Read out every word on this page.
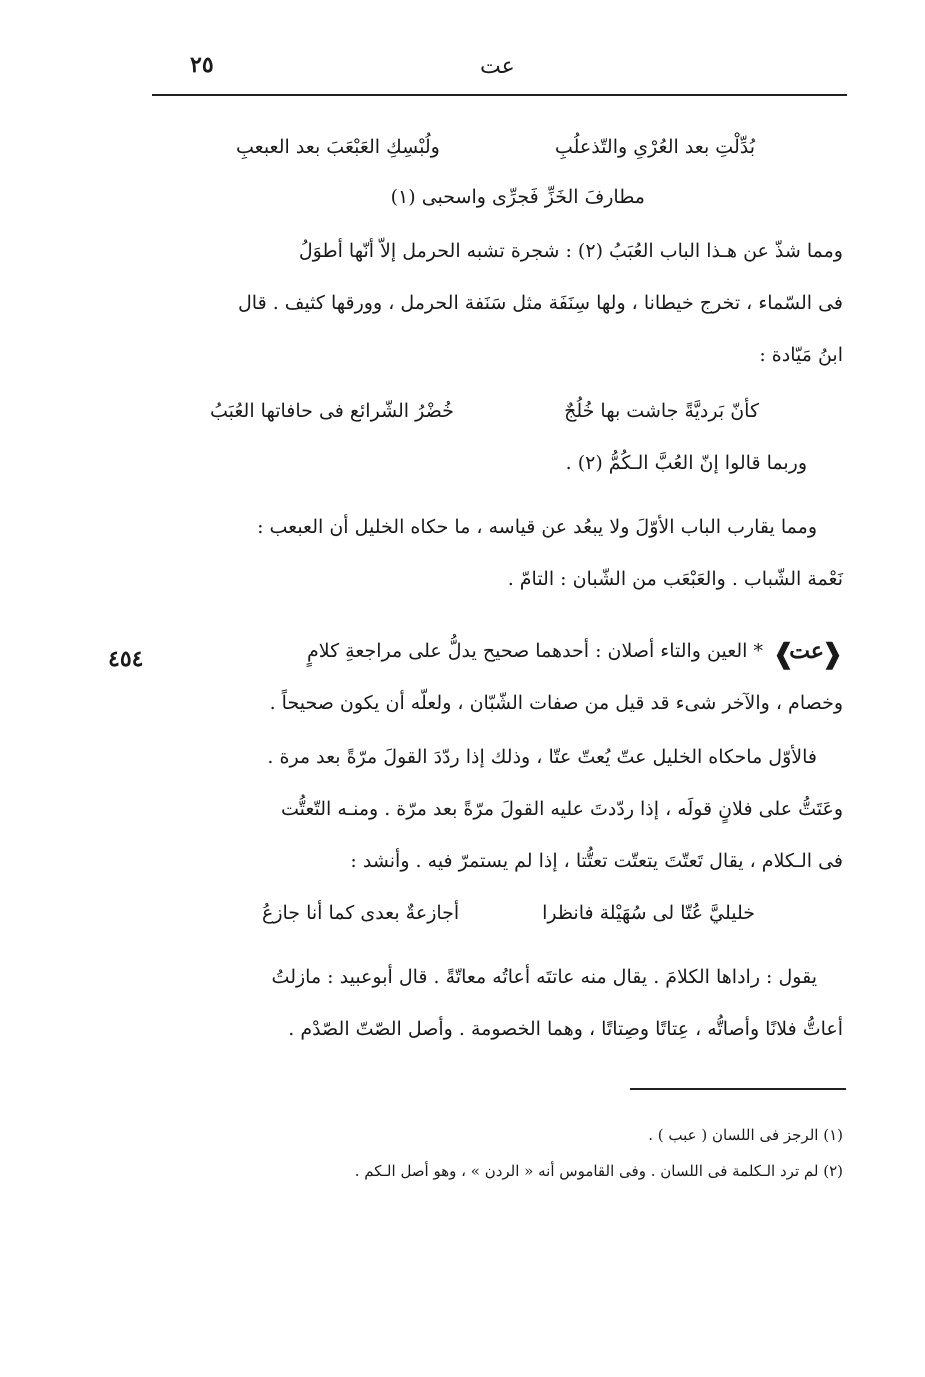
٢٥	عت
بُدِّلْتِ بعد العُرْىِ والتّذعلُبِ
ولُبْسِكِ العَبْعَبَ بعد العبعبِ
مطارفَ الخَزِّ فَجرِّى واسحبى (١)
ومما شذّ عن هـذا الباب العُبَبُ (٢) : شجرة تشبه الحرمل إلاّ أنّها أطوَلُ
فى السّماء ، تخرج خيطانا ، ولها سِنَفَة مثل سَنَفة الحرمل ، وورقها كثيف . قال
ابنُ مَيّادة :
كأنّ بَرديَّةً جاشت بها خُلُجٌ
خُضْرُ الشّرائع فى حافاتها العُبَبُ
وربما قالوا إنّ العُبَّ الـكُمُّ (٢) .
ومما يقارب الباب الأوّلَ ولا يبعُد عن قياسه ، ما حكاه الخليل أن العبعب :
نَعْمة الشّباب . والعَبْعَب من الشّبان : التامّ .
❰
عت
❱
* العين والتاء أصلان : أحدهما صحيح يدلُّ على مراجعةِ كلامٍ
٤٥٤
وخصام ، والآخر شىء قد قيل من صفات الشّبّان ، ولعلّه أن يكون صحيحاً .
فالأوّل ماحكاه الخليل عتّ يُعتّ عتّا ، وذلك إذا ردّدَ القولَ مرّةً بعد مرة .
وعَتَتُّ على فلانٍ قولَه ، إذا ردّدتَ عليه القولَ مرّةً بعد مرّة . ومنـه التّعتُّت
فى الـكلام ، يقال تَعتّتَ يتعتّت تعتُّتا ، إذا لم يستمرّ فيه . وأنشد :
خليليَّ عُتّا لى سُهَيْلة فانظرا
أجازعةٌ بعدى كما أنا جازعُ
يقول : راداها الكلامَ . يقال منه عاتتَه أعاتُه معاتّةً . قال أبوعبيد : مازلتُ
أعاتُّ فلانًا وأصاتُّه ، عِتاتًا وصِتاتًا ، وهما الخصومة . وأصل الصّتّ الصّدْم .
(١) الرجز فى اللسان ( عبب ) .
(٢) لم ترد الـكلمة فى اللسان . وفى القاموس أنه « الردن » ، وهو أصل الـكم .
